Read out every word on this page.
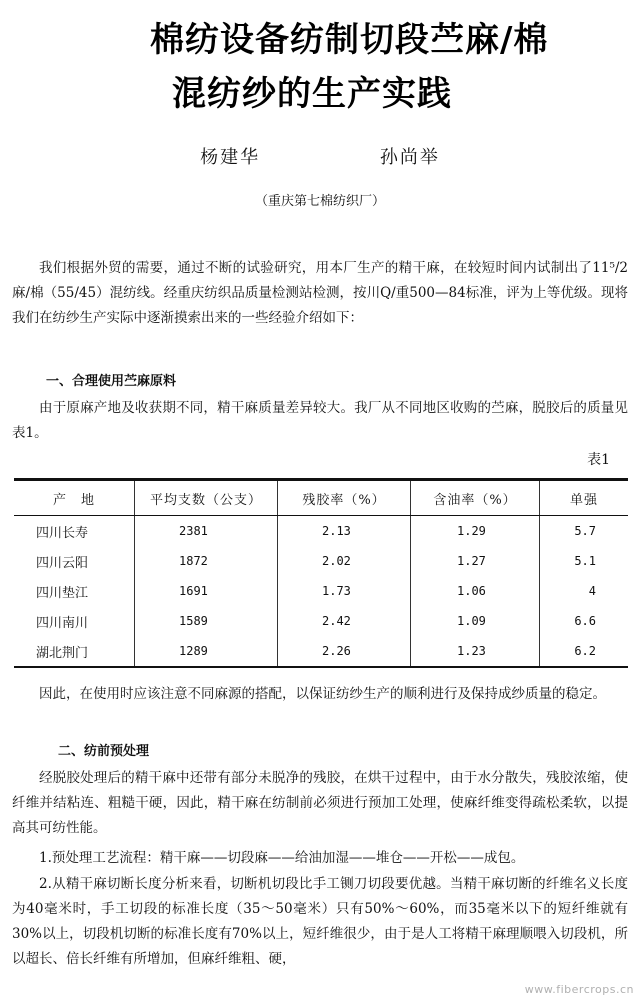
棉纺设备纺制切段苎麻/棉
混纺纱的生产实践
杨建华	孙尚举
（重庆第七棉纺织厂）
我们根据外贸的需要，通过不断的试验研究，用本厂生产的精干麻，在较短时间内试制出了11⁵/2麻/棉（55/45）混纺线。经重庆纺织品质量检测站检测，按川Q/重500—84标准，评为上等优级。现将我们在纺纱生产实际中逐渐摸索出来的一些经验介绍如下：
一、合理使用苎麻原料
由于原麻产地及收获期不同，精干麻质量差异较大。我厂从不同地区收购的苎麻，脱胶后的质量见表1。
表1
产　地	平均支数（公支）	残胶率（%）	含油率（%）	单强
四川长寿	2381	2.13	1.29	5.7
四川云阳	1872	2.02	1.27	5.1
四川垫江	1691	1.73	1.06	4
四川南川	1589	2.42	1.09	6.6
湖北荆门	1289	2.26	1.23	6.2
因此，在使用时应该注意不同麻源的搭配，以保证纺纱生产的顺利进行及保持成纱质量的稳定。
二、纺前预处理
经脱胶处理后的精干麻中还带有部分未脱净的残胶，在烘干过程中，由于水分散失，残胶浓缩，使纤维并结粘连、粗糙干硬，因此，精干麻在纺制前必须进行预加工处理，使麻纤维变得疏松柔软，以提高其可纺性能。
1.预处理工艺流程：精干麻——切段麻——给油加湿——堆仓——开松——成包。
2.从精干麻切断长度分析来看，切断机切段比手工铡刀切段要优越。当精干麻切断的纤维名义长度为40毫米时，手工切段的标准长度（35～50毫米）只有50%～60%，而35毫米以下的短纤维就有30%以上，切段机切断的标准长度有70%以上，短纤维很少，由于是人工将精干麻理顺喂入切段机，所以超长、倍长纤维有所增加，但麻纤维粗、硬，
www.fibercrops.cn
